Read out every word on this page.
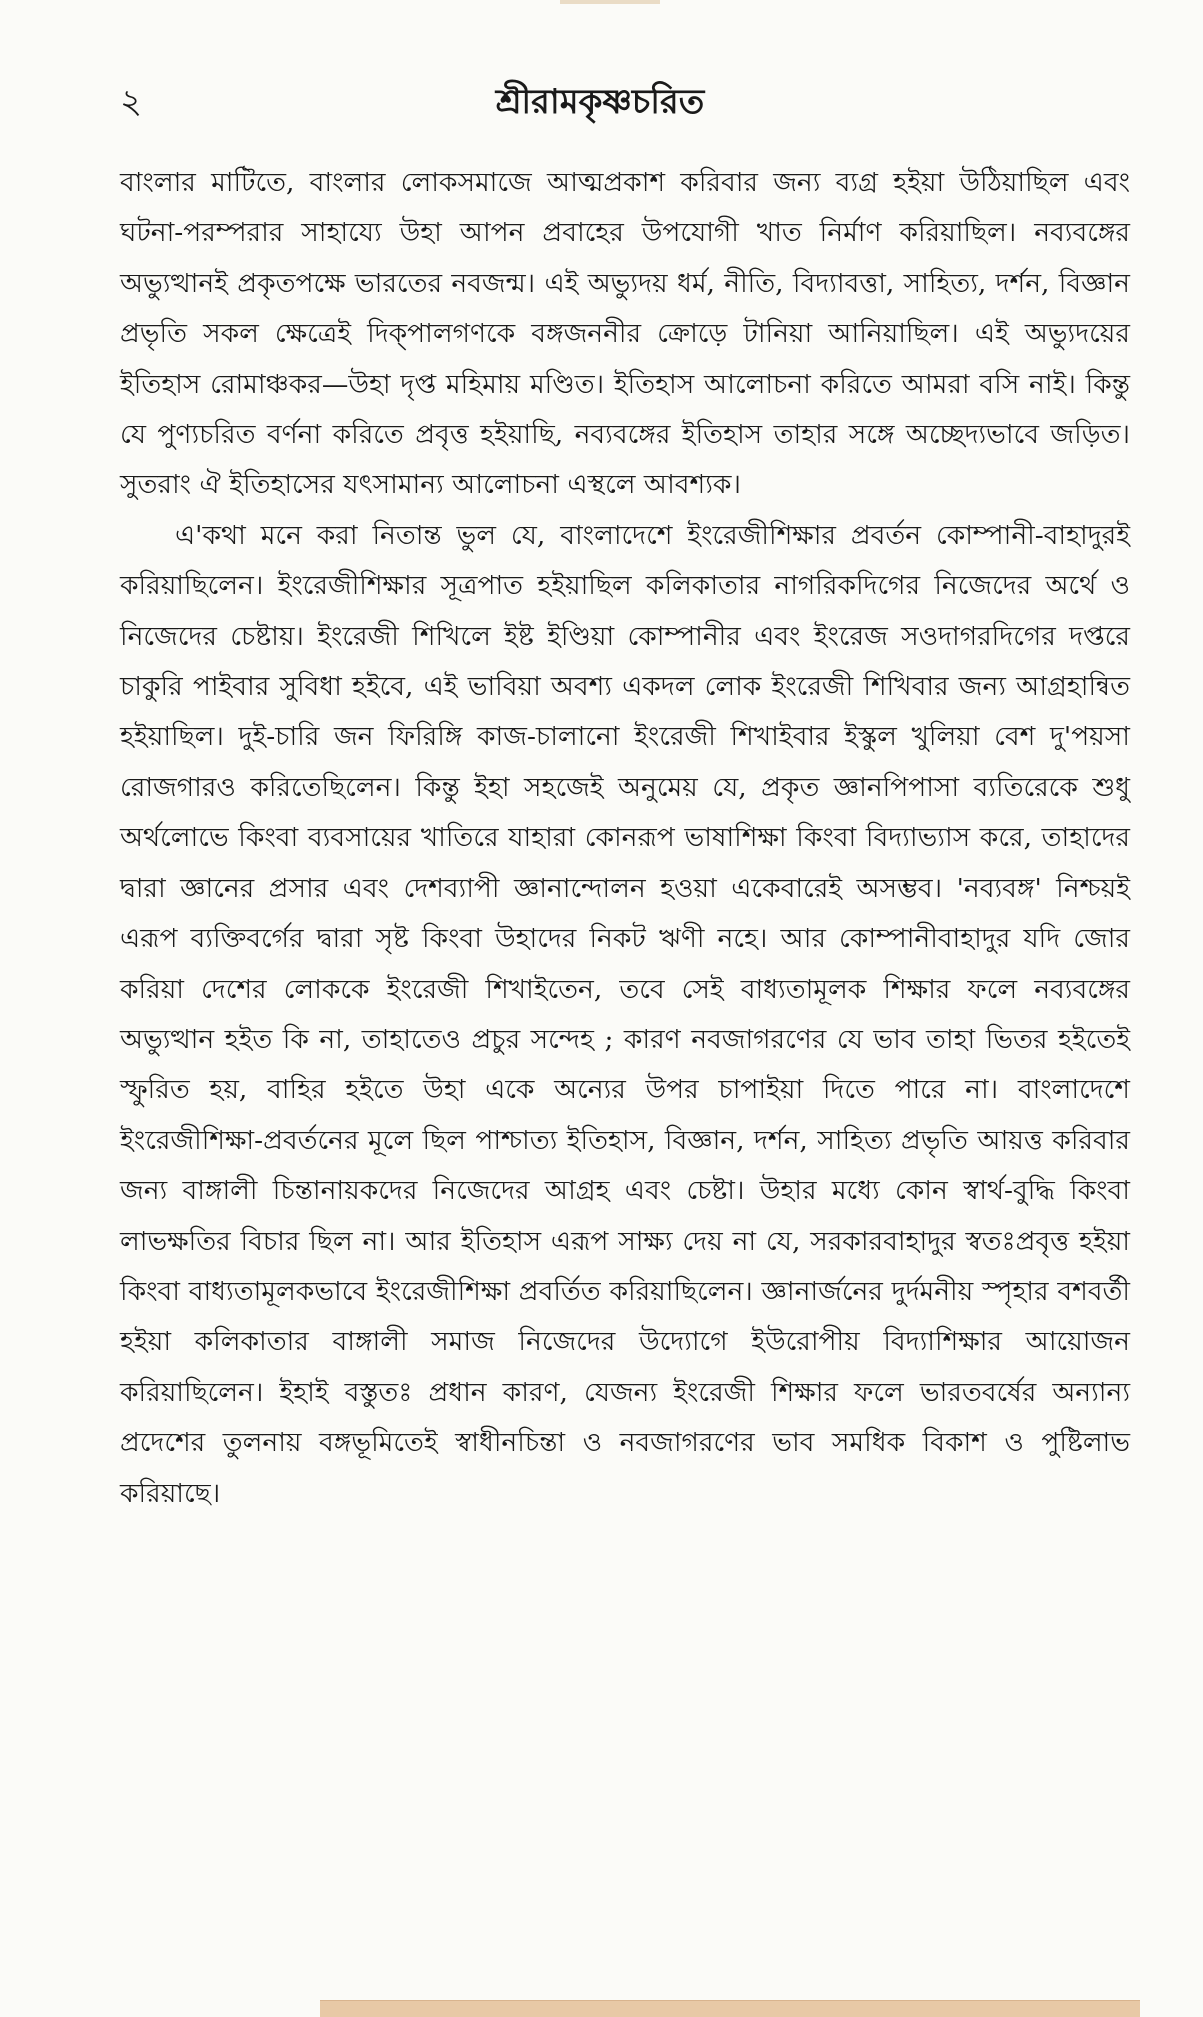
২	শ্রীরামকৃষ্ণচরিত

বাংলার মাটিতে, বাংলার লোকসমাজে আত্মপ্রকাশ করিবার জন্য ব্যগ্র হইয়া উঠিয়াছিল এবং ঘটনা-পরম্পরার সাহায্যে উহা আপন প্রবাহের উপযোগী খাত নির্মাণ করিয়াছিল। নব্যবঙ্গের অভ্যুত্থানই প্রকৃতপক্ষে ভারতের নবজন্ম। এই অভ্যুদয় ধর্ম, নীতি, বিদ্যাবত্তা, সাহিত্য, দর্শন, বিজ্ঞান প্রভৃতি সকল ক্ষেত্রেই দিক্‌পালগণকে বঙ্গজননীর ক্রোড়ে টানিয়া আনিয়াছিল। এই অভ্যুদয়ের ইতিহাস রোমাঞ্চকর—উহা দৃপ্ত মহিমায় মণ্ডিত। ইতিহাস আলোচনা করিতে আমরা বসি নাই। কিন্তু যে পুণ্যচরিত বর্ণনা করিতে প্রবৃত্ত হইয়াছি, নব্যবঙ্গের ইতিহাস তাহার সঙ্গে অচ্ছেদ্যভাবে জড়িত। সুতরাং ঐ ইতিহাসের যৎসামান্য আলোচনা এস্থলে আবশ্যক।

এ'কথা মনে করা নিতান্ত ভুল যে, বাংলাদেশে ইংরেজীশিক্ষার প্রবর্তন কোম্পানী-বাহাদুরই করিয়াছিলেন। ইংরেজীশিক্ষার সূত্রপাত হইয়াছিল কলিকাতার নাগরিকদিগের নিজেদের অর্থে ও নিজেদের চেষ্টায়। ইংরেজী শিখিলে ইষ্ট ইণ্ডিয়া কোম্পানীর এবং ইংরেজ সওদাগরদিগের দপ্তরে চাকুরি পাইবার সুবিধা হইবে, এই ভাবিয়া অবশ্য একদল লোক ইংরেজী শিখিবার জন্য আগ্রহান্বিত হইয়াছিল। দুই-চারি জন ফিরিঙ্গি কাজ-চালানো ইংরেজী শিখাইবার ইস্কুল খুলিয়া বেশ দু'পয়সা রোজগারও করিতেছিলেন। কিন্তু ইহা সহজেই অনুমেয় যে, প্রকৃত জ্ঞানপিপাসা ব্যতিরেকে শুধু অর্থলোভে কিংবা ব্যবসায়ের খাতিরে যাহারা কোনরূপ ভাষাশিক্ষা কিংবা বিদ্যাভ্যাস করে, তাহাদের দ্বারা জ্ঞানের প্রসার এবং দেশব্যাপী জ্ঞানান্দোলন হওয়া একেবারেই অসম্ভব। 'নব্যবঙ্গ' নিশ্চয়ই এরূপ ব্যক্তিবর্গের দ্বারা সৃষ্ট কিংবা উহাদের নিকট ঋণী নহে। আর কোম্পানীবাহাদুর যদি জোর করিয়া দেশের লোককে ইংরেজী শিখাইতেন, তবে সেই বাধ্যতামূলক শিক্ষার ফলে নব্যবঙ্গের অভ্যুত্থান হইত কি না, তাহাতেও প্রচুর সন্দেহ ; কারণ নবজাগরণের যে ভাব তাহা ভিতর হইতেই স্ফুরিত হয়, বাহির হইতে উহা একে অন্যের উপর চাপাইয়া দিতে পারে না। বাংলাদেশে ইংরেজীশিক্ষা-প্রবর্তনের মূলে ছিল পাশ্চাত্য ইতিহাস, বিজ্ঞান, দর্শন, সাহিত্য প্রভৃতি আয়ত্ত করিবার জন্য বাঙ্গালী চিন্তানায়কদের নিজেদের আগ্রহ এবং চেষ্টা। উহার মধ্যে কোন স্বার্থ-বুদ্ধি কিংবা লাভক্ষতির বিচার ছিল না। আর ইতিহাস এরূপ সাক্ষ্য দেয় না যে, সরকারবাহাদুর স্বতঃপ্রবৃত্ত হইয়া কিংবা বাধ্যতামূলকভাবে ইংরেজীশিক্ষা প্রবর্তিত করিয়াছিলেন। জ্ঞানার্জনের দুর্দমনীয় স্পৃহার বশবর্তী হইয়া কলিকাতার বাঙ্গালী সমাজ নিজেদের উদ্যোগে ইউরোপীয় বিদ্যাশিক্ষার আয়োজন করিয়াছিলেন। ইহাই বস্তুতঃ প্রধান কারণ, যেজন্য ইংরেজী শিক্ষার ফলে ভারতবর্ষের অন্যান্য প্রদেশের তুলনায় বঙ্গভূমিতেই স্বাধীনচিন্তা ও নবজাগরণের ভাব সমধিক বিকাশ ও পুষ্টিলাভ করিয়াছে।
